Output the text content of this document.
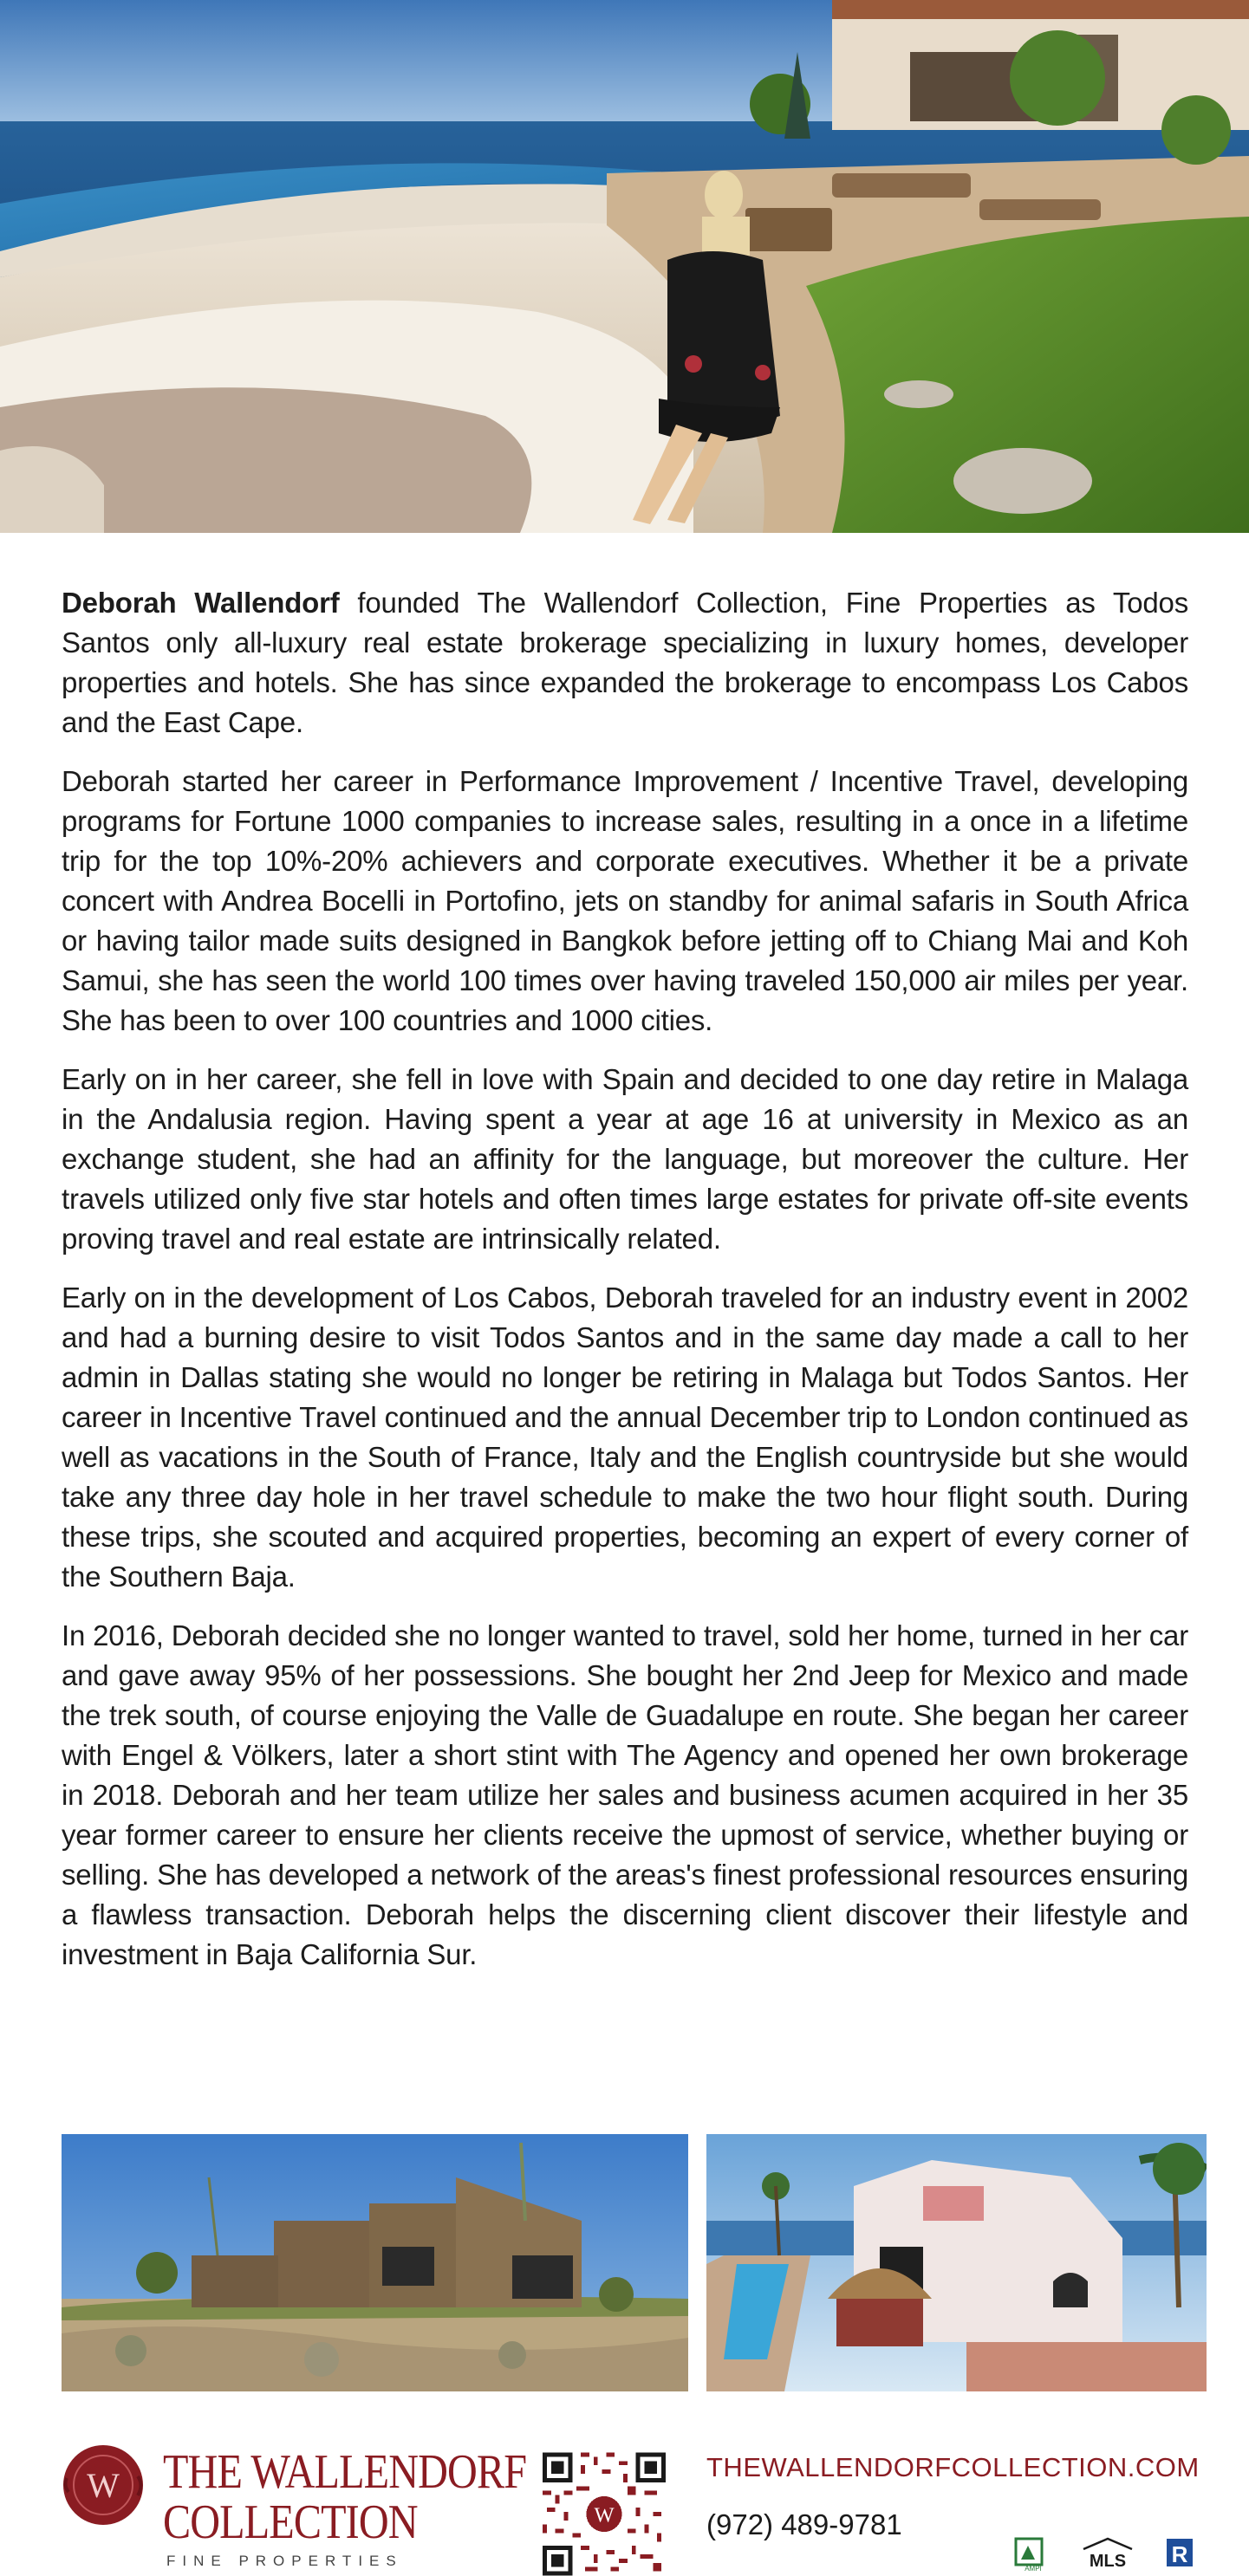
Deborah Wallendorf founded The Wallendorf Collection, Fine Properties as Todos Santos only all-luxury real estate brokerage specializing in luxury homes, developer properties and hotels. She has since expanded the brokerage to encompass Los Cabos and the East Cape.

Deborah started her career in Performance Improvement / Incentive Travel, developing programs for Fortune 1000 companies to increase sales, resulting in a once in a lifetime trip for the top 10%-20% achievers and corporate executives. Whether it be a private concert with Andrea Bocelli in Portofino, jets on standby for animal safaris in South Africa or having tailor made suits designed in Bangkok before jetting off to Chiang Mai and Koh Samui, she has seen the world 100 times over having traveled 150,000 air miles per year. She has been to over 100 countries and 1000 cities.

Early on in her career, she fell in love with Spain and decided to one day retire in Malaga in the Andalusia region. Having spent a year at age 16 at university in Mexico as an exchange student, she had an affinity for the language, but moreover the culture. Her travels utilized only five star hotels and often times large estates for private off-site events proving travel and real estate are intrinsically related.

Early on in the development of Los Cabos, Deborah traveled for an industry event in 2002 and had a burning desire to visit Todos Santos and in the same day made a call to her admin in Dallas stating she would no longer be retiring in Malaga but Todos Santos. Her career in Incentive Travel continued and the annual December trip to London continued as well as vacations in the South of France, Italy and the English countryside but she would take any three day hole in her travel schedule to make the two hour flight south. During these trips, she scouted and acquired properties, becoming an expert of every corner of the Southern Baja.

In 2016, Deborah decided she no longer wanted to travel, sold her home, turned in her car and gave away 95% of her possessions. She bought her 2nd Jeep for Mexico and made the trek south, of course enjoying the Valle de Guadalupe en route. She began her career with Engel & Völkers, later a short stint with The Agency and opened her own brokerage in 2018. Deborah and her team utilize her sales and business acumen acquired in her 35 year former career to ensure her clients receive the upmost of service, whether buying or selling. She has developed a network of the areas's finest professional resources ensuring a flawless transaction. Deborah helps the discerning client discover their lifestyle and investment in Baja California Sur.

W THE WALLENDORF
COLLECTION
FINE PROPERTIES
W
THEWALLENDORFCOLLECTION.COM
(972) 489-9781
AMPI	MLS R
